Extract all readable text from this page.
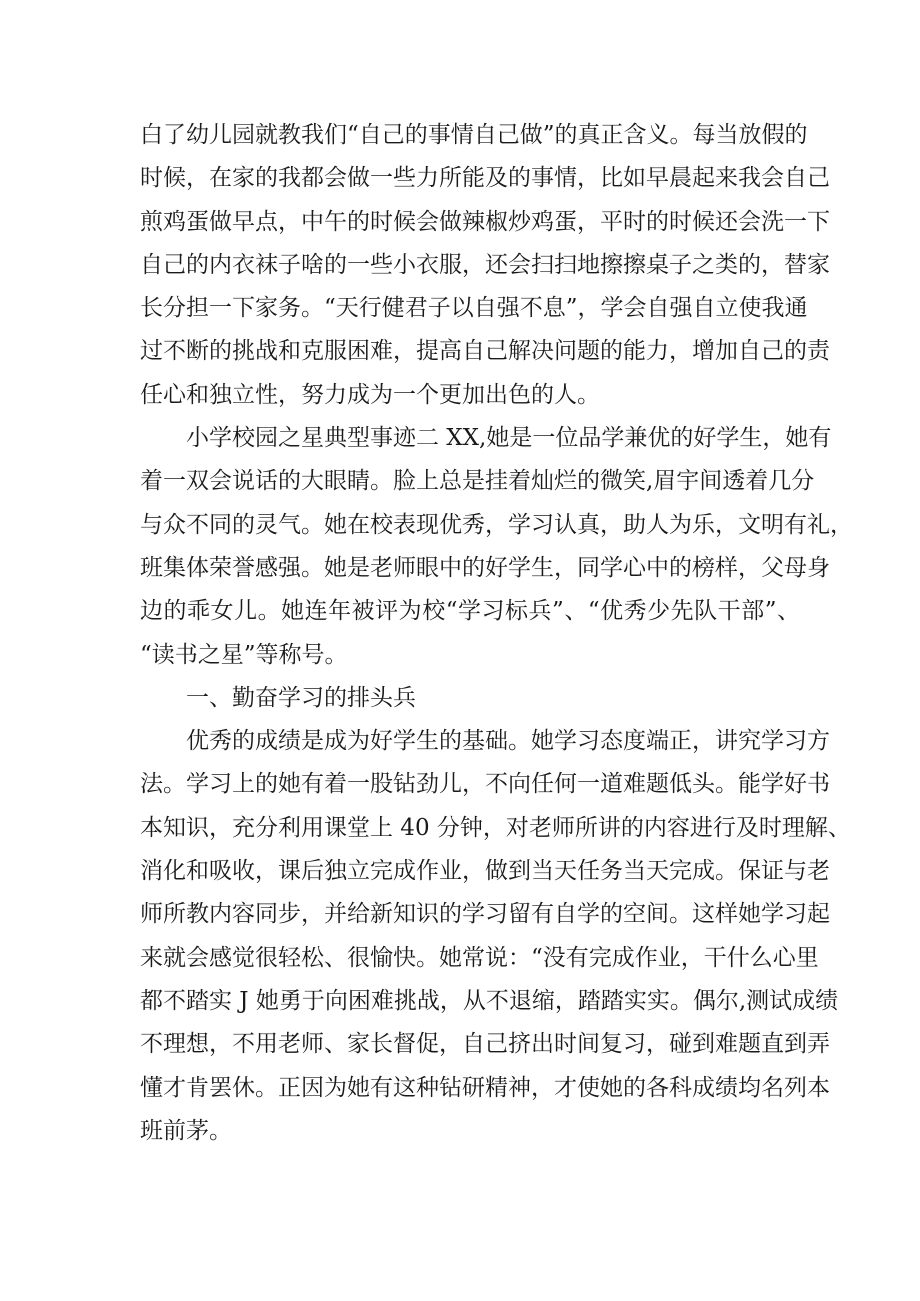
白了幼儿园就教我们“自己的事情自己做”的真正含义。每当放假的
时候，在家的我都会做一些力所能及的事情，比如早晨起来我会自己
煎鸡蛋做早点，中午的时候会做辣椒炒鸡蛋，平时的时候还会洗一下
自己的内衣袜子啥的一些小衣服，还会扫扫地擦擦桌子之类的，替家
长分担一下家务。“天行健君子以自强不息”，学会自强自立使我通
过不断的挑战和克服困难，提高自己解决问题的能力，增加自己的责
任心和独立性，努力成为一个更加出色的人。
小学校园之星典型事迹二 XX,她是一位品学兼优的好学生，她有
着一双会说话的大眼睛。脸上总是挂着灿烂的微笑,眉宇间透着几分
与众不同的灵气。她在校表现优秀，学习认真，助人为乐，文明有礼，
班集体荣誉感强。她是老师眼中的好学生，同学心中的榜样，父母身
边的乖女儿。她连年被评为校“学习标兵”、“优秀少先队干部”、
“读书之星”等称号。
一、勤奋学习的排头兵
优秀的成绩是成为好学生的基础。她学习态度端正，讲究学习方
法。学习上的她有着一股钻劲儿，不向任何一道难题低头。能学好书
本知识，充分利用课堂上 40 分钟，对老师所讲的内容进行及时理解、
消化和吸收，课后独立完成作业，做到当天任务当天完成。保证与老
师所教内容同步，并给新知识的学习留有自学的空间。这样她学习起
来就会感觉很轻松、很愉快。她常说：“没有完成作业，干什么心里
都不踏实 J 她勇于向困难挑战，从不退缩，踏踏实实。偶尔,测试成绩
不理想，不用老师、家长督促，自己挤出时间复习，碰到难题直到弄
懂才肯罢休。正因为她有这种钻研精神，才使她的各科成绩均名列本
班前茅。
